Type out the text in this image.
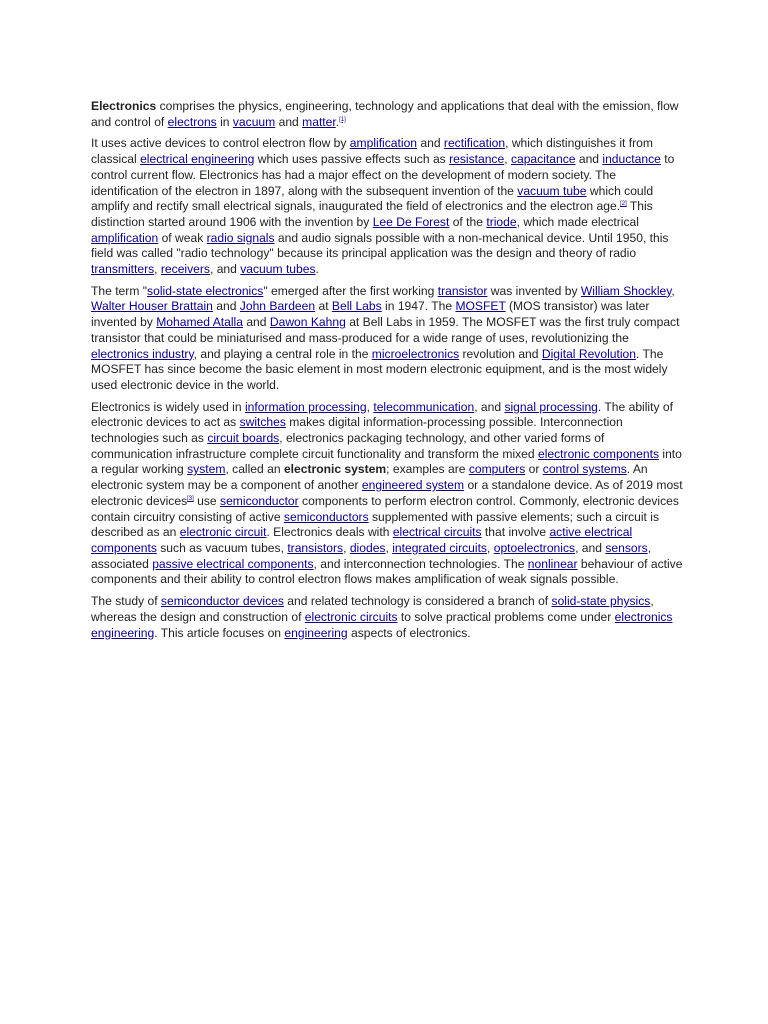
Electronics comprises the physics, engineering, technology and applications that deal with the emission, flow and control of electrons in vacuum and matter.[1]

It uses active devices to control electron flow by amplification and rectification, which distinguishes it from classical electrical engineering which uses passive effects such as resistance, capacitance and inductance to control current flow. Electronics has had a major effect on the development of modern society. The identification of the electron in 1897, along with the subsequent invention of the vacuum tube which could amplify and rectify small electrical signals, inaugurated the field of electronics and the electron age.[2] This distinction started around 1906 with the invention by Lee De Forest of the triode, which made electrical amplification of weak radio signals and audio signals possible with a non-mechanical device. Until 1950, this field was called "radio technology" because its principal application was the design and theory of radio transmitters, receivers, and vacuum tubes.

The term "solid-state electronics" emerged after the first working transistor was invented by William Shockley, Walter Houser Brattain and John Bardeen at Bell Labs in 1947. The MOSFET (MOS transistor) was later invented by Mohamed Atalla and Dawon Kahng at Bell Labs in 1959. The MOSFET was the first truly compact transistor that could be miniaturised and mass-produced for a wide range of uses, revolutionizing the electronics industry, and playing a central role in the microelectronics revolution and Digital Revolution. The MOSFET has since become the basic element in most modern electronic equipment, and is the most widely used electronic device in the world.

Electronics is widely used in information processing, telecommunication, and signal processing. The ability of electronic devices to act as switches makes digital information-processing possible. Interconnection technologies such as circuit boards, electronics packaging technology, and other varied forms of communication infrastructure complete circuit functionality and transform the mixed electronic components into a regular working system, called an electronic system; examples are computers or control systems. An electronic system may be a component of another engineered system or a standalone device. As of 2019 most electronic devices[3] use semiconductor components to perform electron control. Commonly, electronic devices contain circuitry consisting of active semiconductors supplemented with passive elements; such a circuit is described as an electronic circuit. Electronics deals with electrical circuits that involve active electrical components such as vacuum tubes, transistors, diodes, integrated circuits, optoelectronics, and sensors, associated passive electrical components, and interconnection technologies. The nonlinear behaviour of active components and their ability to control electron flows makes amplification of weak signals possible.

The study of semiconductor devices and related technology is considered a branch of solid-state physics, whereas the design and construction of electronic circuits to solve practical problems come under electronics engineering. This article focuses on engineering aspects of electronics.
